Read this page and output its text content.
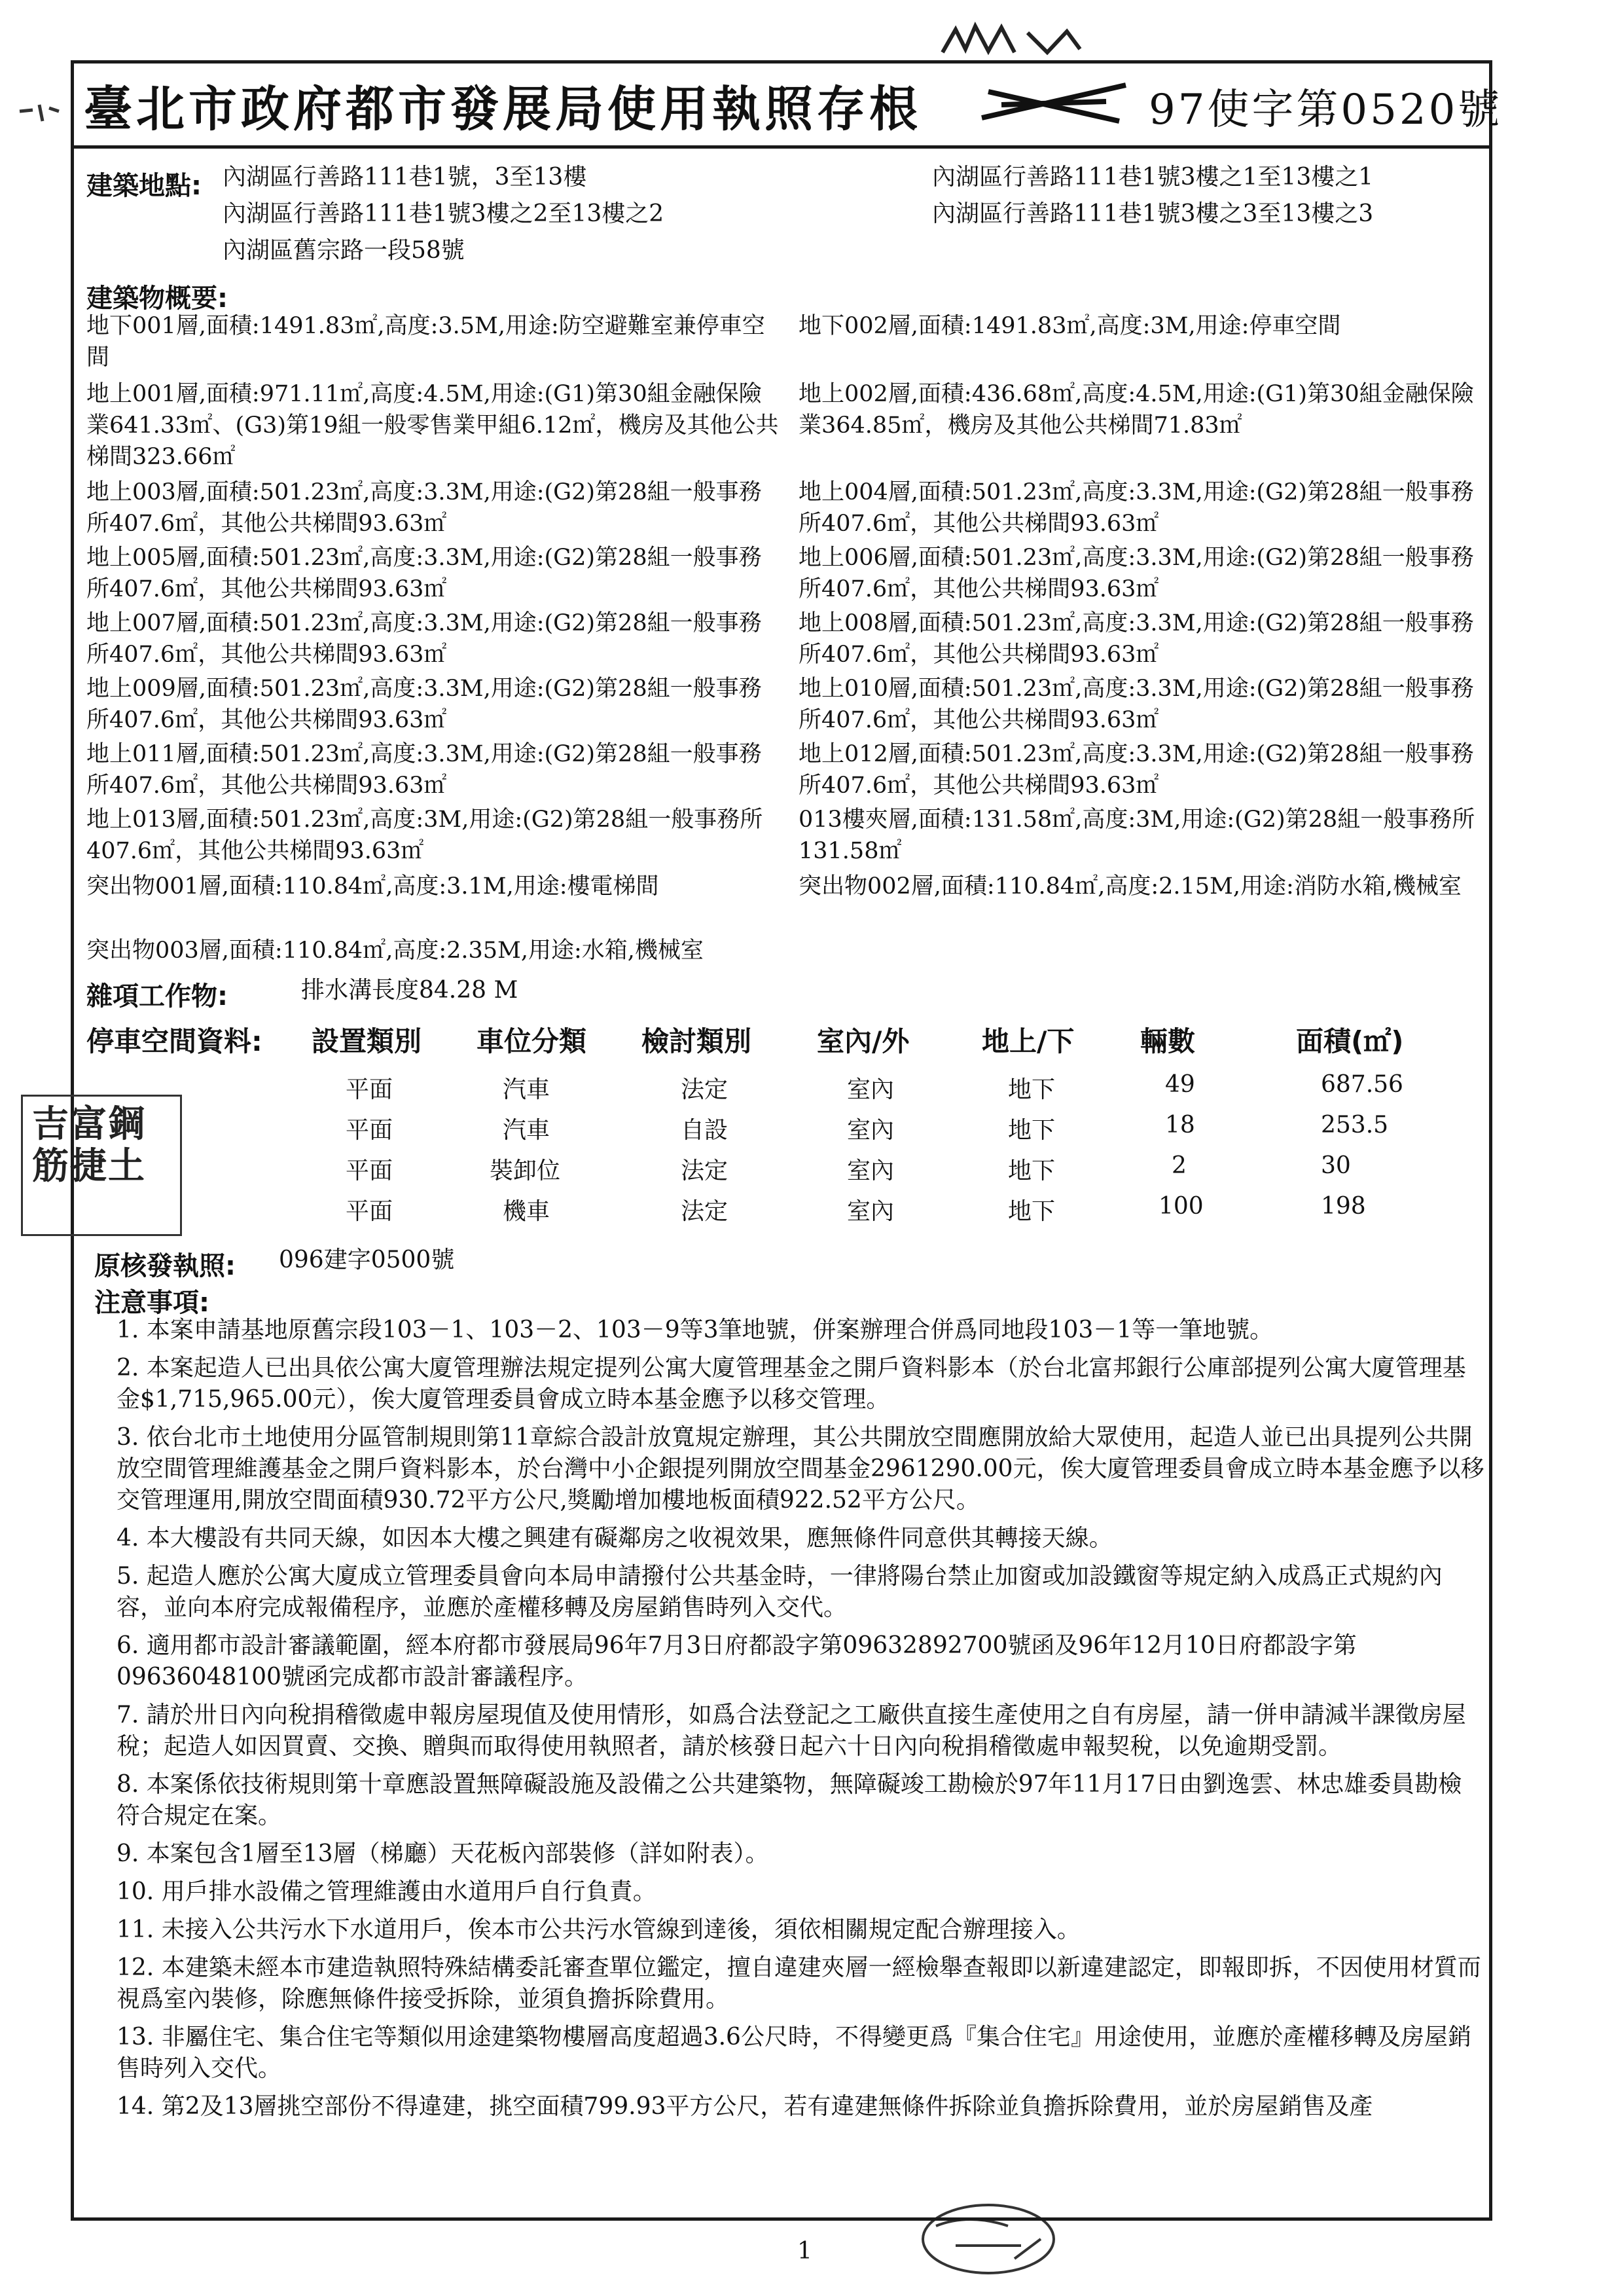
臺北市政府都市發展局使用執照存根	97使字第0520號
建築地點: 內湖區行善路111巷1號，3至13樓
內湖區行善路111巷1號3樓之2至13樓之2
內湖區舊宗路一段58號
內湖區行善路111巷1號3樓之1至13樓之1
內湖區行善路111巷1號3樓之3至13樓之3
建築物概要:
地下001層,面積:1491.83㎡,高度:3.5M,用途:防空避難室兼停車空間
地下002層,面積:1491.83㎡,高度:3M,用途:停車空間
地上001層,面積:971.11㎡,高度:4.5M,用途:(G1)第30組金融保險業641.33㎡、(G3)第19組一般零售業甲組6.12㎡，機房及其他公共梯間323.66㎡
地上002層,面積:436.68㎡,高度:4.5M,用途:(G1)第30組金融保險業364.85㎡，機房及其他公共梯間71.83㎡
地上003層,面積:501.23㎡,高度:3.3M,用途:(G2)第28組一般事務所407.6㎡，其他公共梯間93.63㎡
地上004層,面積:501.23㎡,高度:3.3M,用途:(G2)第28組一般事務所407.6㎡，其他公共梯間93.63㎡
地上005層,面積:501.23㎡,高度:3.3M,用途:(G2)第28組一般事務所407.6㎡，其他公共梯間93.63㎡
地上006層,面積:501.23㎡,高度:3.3M,用途:(G2)第28組一般事務所407.6㎡，其他公共梯間93.63㎡
地上007層,面積:501.23㎡,高度:3.3M,用途:(G2)第28組一般事務所407.6㎡，其他公共梯間93.63㎡
地上008層,面積:501.23㎡,高度:3.3M,用途:(G2)第28組一般事務所407.6㎡，其他公共梯間93.63㎡
地上009層,面積:501.23㎡,高度:3.3M,用途:(G2)第28組一般事務所407.6㎡，其他公共梯間93.63㎡
地上010層,面積:501.23㎡,高度:3.3M,用途:(G2)第28組一般事務所407.6㎡，其他公共梯間93.63㎡
地上011層,面積:501.23㎡,高度:3.3M,用途:(G2)第28組一般事務所407.6㎡，其他公共梯間93.63㎡
地上012層,面積:501.23㎡,高度:3.3M,用途:(G2)第28組一般事務所407.6㎡，其他公共梯間93.63㎡
地上013層,面積:501.23㎡,高度:3M,用途:(G2)第28組一般事務所407.6㎡，其他公共梯間93.63㎡
013樓夾層,面積:131.58㎡,高度:3M,用途:(G2)第28組一般事務所131.58㎡
突出物001層,面積:110.84㎡,高度:3.1M,用途:樓電梯間	突出物002層,面積:110.84㎡,高度:2.15M,用途:消防水箱,機械室
突出物003層,面積:110.84㎡,高度:2.35M,用途:水箱,機械室
雜項工作物:	排水溝長度84.28 M
停車空間資料: 設置類別 車位分類 檢討類別 室內/外	地上/下 輛數	面積(㎡)
平面	汽車	法定	室內	地下	49	687.56
平面	汽車	自設	室內	地下	18	253.5
平面	裝卸位	法定	室內	地下	2	30
平面	機車	法定	室內	地下	100	198
吉富鋼筋捷土
原核發執照: 096建字0500號
注意事項:
1. 本案申請基地原舊宗段103－1、103－2、103－9等3筆地號，併案辦理合併爲同地段103－1等一筆地號。
2. 本案起造人已出具依公寓大廈管理辦法規定提列公寓大廈管理基金之開戶資料影本（於台北富邦銀行公庫部提列公寓大廈管理基金$1,715,965.00元），俟大廈管理委員會成立時本基金應予以移交管理。
3. 依台北市土地使用分區管制規則第11章綜合設計放寬規定辦理，其公共開放空間應開放給大眾使用，起造人並已出具提列公共開放空間管理維護基金之開戶資料影本，於台灣中小企銀提列開放空間基金2961290.00元，俟大廈管理委員會成立時本基金應予以移交管理運用,開放空間面積930.72平方公尺,獎勵增加樓地板面積922.52平方公尺。
4. 本大樓設有共同天線，如因本大樓之興建有礙鄰房之收視效果，應無條件同意供其轉接天線。
5. 起造人應於公寓大廈成立管理委員會向本局申請撥付公共基金時，一律將陽台禁止加窗或加設鐵窗等規定納入成爲正式規約內容，並向本府完成報備程序，並應於產權移轉及房屋銷售時列入交代。
6. 適用都市設計審議範圍，經本府都市發展局96年7月3日府都設字第09632892700號函及96年12月10日府都設字第09636048100號函完成都市設計審議程序。
7. 請於卅日內向稅捐稽徵處申報房屋現值及使用情形，如爲合法登記之工廠供直接生產使用之自有房屋，請一併申請減半課徵房屋稅；起造人如因買賣、交換、贈與而取得使用執照者，請於核發日起六十日內向稅捐稽徵處申報契稅，以免逾期受罰。
8. 本案係依技術規則第十章應設置無障礙設施及設備之公共建築物，無障礙竣工勘檢於97年11月17日由劉逸雲、林忠雄委員勘檢符合規定在案。
9. 本案包含1層至13層（梯廳）天花板內部裝修（詳如附表）。
10. 用戶排水設備之管理維護由水道用戶自行負責。
11. 未接入公共污水下水道用戶，俟本市公共污水管線到達後，須依相關規定配合辦理接入。
12. 本建築未經本市建造執照特殊結構委託審查單位鑑定，擅自違建夾層一經檢舉查報即以新違建認定，即報即拆，不因使用材質而視爲室內裝修，除應無條件接受拆除，並須負擔拆除費用。
13. 非屬住宅、集合住宅等類似用途建築物樓層高度超過3.6公尺時，不得變更爲『集合住宅』用途使用，並應於產權移轉及房屋銷售時列入交代。
14. 第2及13層挑空部份不得違建，挑空面積799.93平方公尺，若有違建無條件拆除並負擔拆除費用，並於房屋銷售及產
1
